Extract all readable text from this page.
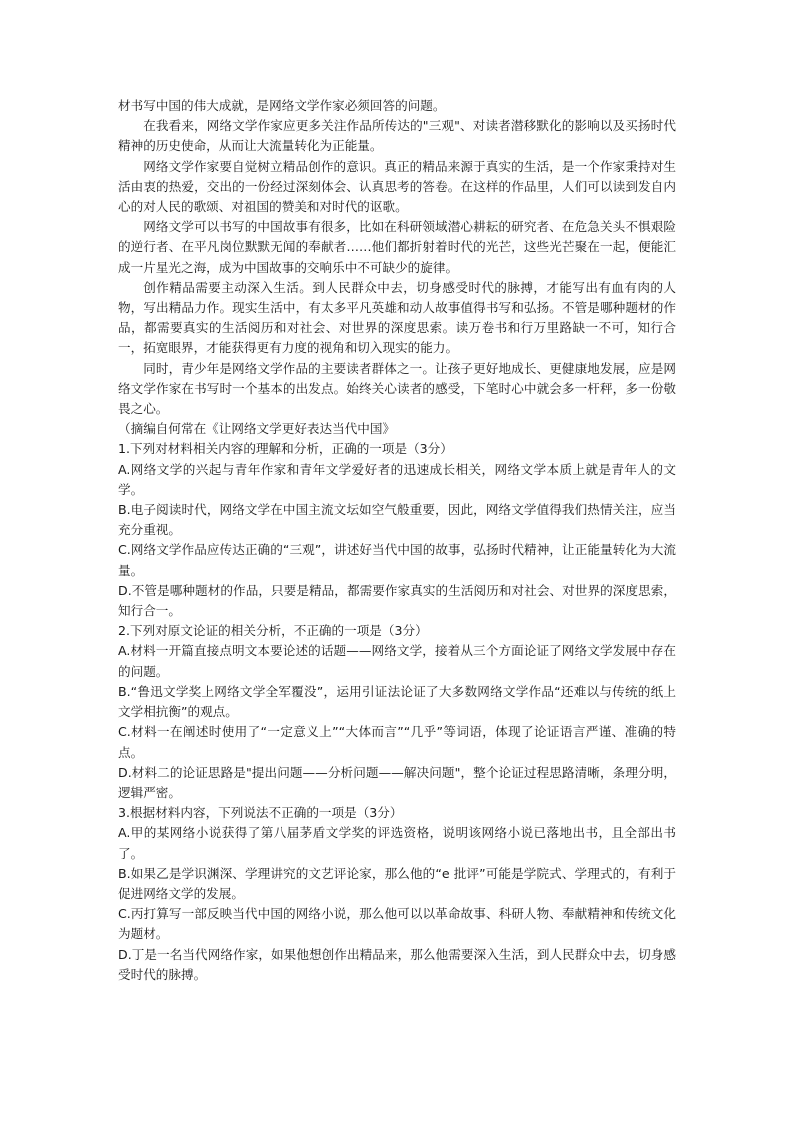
材书写中国的伟大成就，是网络文学作家必须回答的问题。

在我看来，网络文学作家应更多关注作品所传达的"三观"、对读者潜移默化的影响以及买扬时代精神的历史使命，从而让大流量转化为正能量。

网络文学作家要自觉树立精品创作的意识。真正的精品来源于真实的生活，是一个作家秉持对生活由衷的热爱，交出的一份经过深刻体会、认真思考的答卷。在这样的作品里，人们可以读到发自内心的对人民的歌颂、对祖国的赞美和对时代的讴歌。

网络文学可以书写的中国故事有很多，比如在科研领域潜心耕耘的研究者、在危急关头不惧艰险的逆行者、在平凡岗位默默无闻的奉献者……他们都折射着时代的光芒，这些光芒聚在一起，便能汇成一片星光之海，成为中国故事的交响乐中不可缺少的旋律。

创作精品需要主动深入生活。到人民群众中去，切身感受时代的脉搏，才能写出有血有肉的人物，写出精品力作。现实生活中，有太多平凡英雄和动人故事值得书写和弘扬。不管是哪种题材的作品，都需要真实的生活阅历和对社会、对世界的深度思索。读万卷书和行万里路缺一不可，知行合一，拓宽眼界，才能获得更有力度的视角和切入现实的能力。

同时，青少年是网络文学作品的主要读者群体之一。让孩子更好地成长、更健康地发展，应是网络文学作家在书写时一个基本的出发点。始终关心读者的感受，下笔时心中就会多一杆秤，多一份敬畏之心。

（摘编自何常在《让网络文学更好表达当代中国》

1.下列对材料相关内容的理解和分析，正确的一项是（3分）

A.网络文学的兴起与青年作家和青年文学爱好者的迅速成长相关，网络文学本质上就是青年人的文学。

B.电子阅读时代，网络文学在中国主流文坛如空气般重要，因此，网络文学值得我们热情关注，应当充分重视。

C.网络文学作品应传达正确的“三观”，讲述好当代中国的故事，弘扬时代精神，让正能量转化为大流量。

D.不管是哪种题材的作品，只要是精品，都需要作家真实的生活阅历和对社会、对世界的深度思索，知行合一。

2.下列对原文论证的相关分析，不正确的一项是（3分）

A.材料一开篇直接点明文本要论述的话题——网络文学，接着从三个方面论证了网络文学发展中存在的问题。

B.“鲁迅文学奖上网络文学全军覆没”，运用引证法论证了大多数网络文学作品“还难以与传统的纸上文学相抗衡”的观点。

C.材料一在阐述时使用了“一定意义上”“大体而言”“几乎”等词语，体现了论证语言严谨、准确的特点。

D.材料二的论证思路是"提出问题——分析问题——解决问题"，整个论证过程思路清晰，条理分明，逻辑严密。

3.根据材料内容，下列说法不正确的一项是（3分）

A.甲的某网络小说获得了第八届茅盾文学奖的评选资格，说明该网络小说已落地出书，且全部出书了。

B.如果乙是学识渊深、学理讲究的文艺评论家，那么他的“e 批评”可能是学院式、学理式的，有利于促进网络文学的发展。

C.丙打算写一部反映当代中国的网络小说，那么他可以以革命故事、科研人物、奉献精神和传统文化为题材。

D.丁是一名当代网络作家，如果他想创作出精品来，那么他需要深入生活，到人民群众中去，切身感受时代的脉搏。
